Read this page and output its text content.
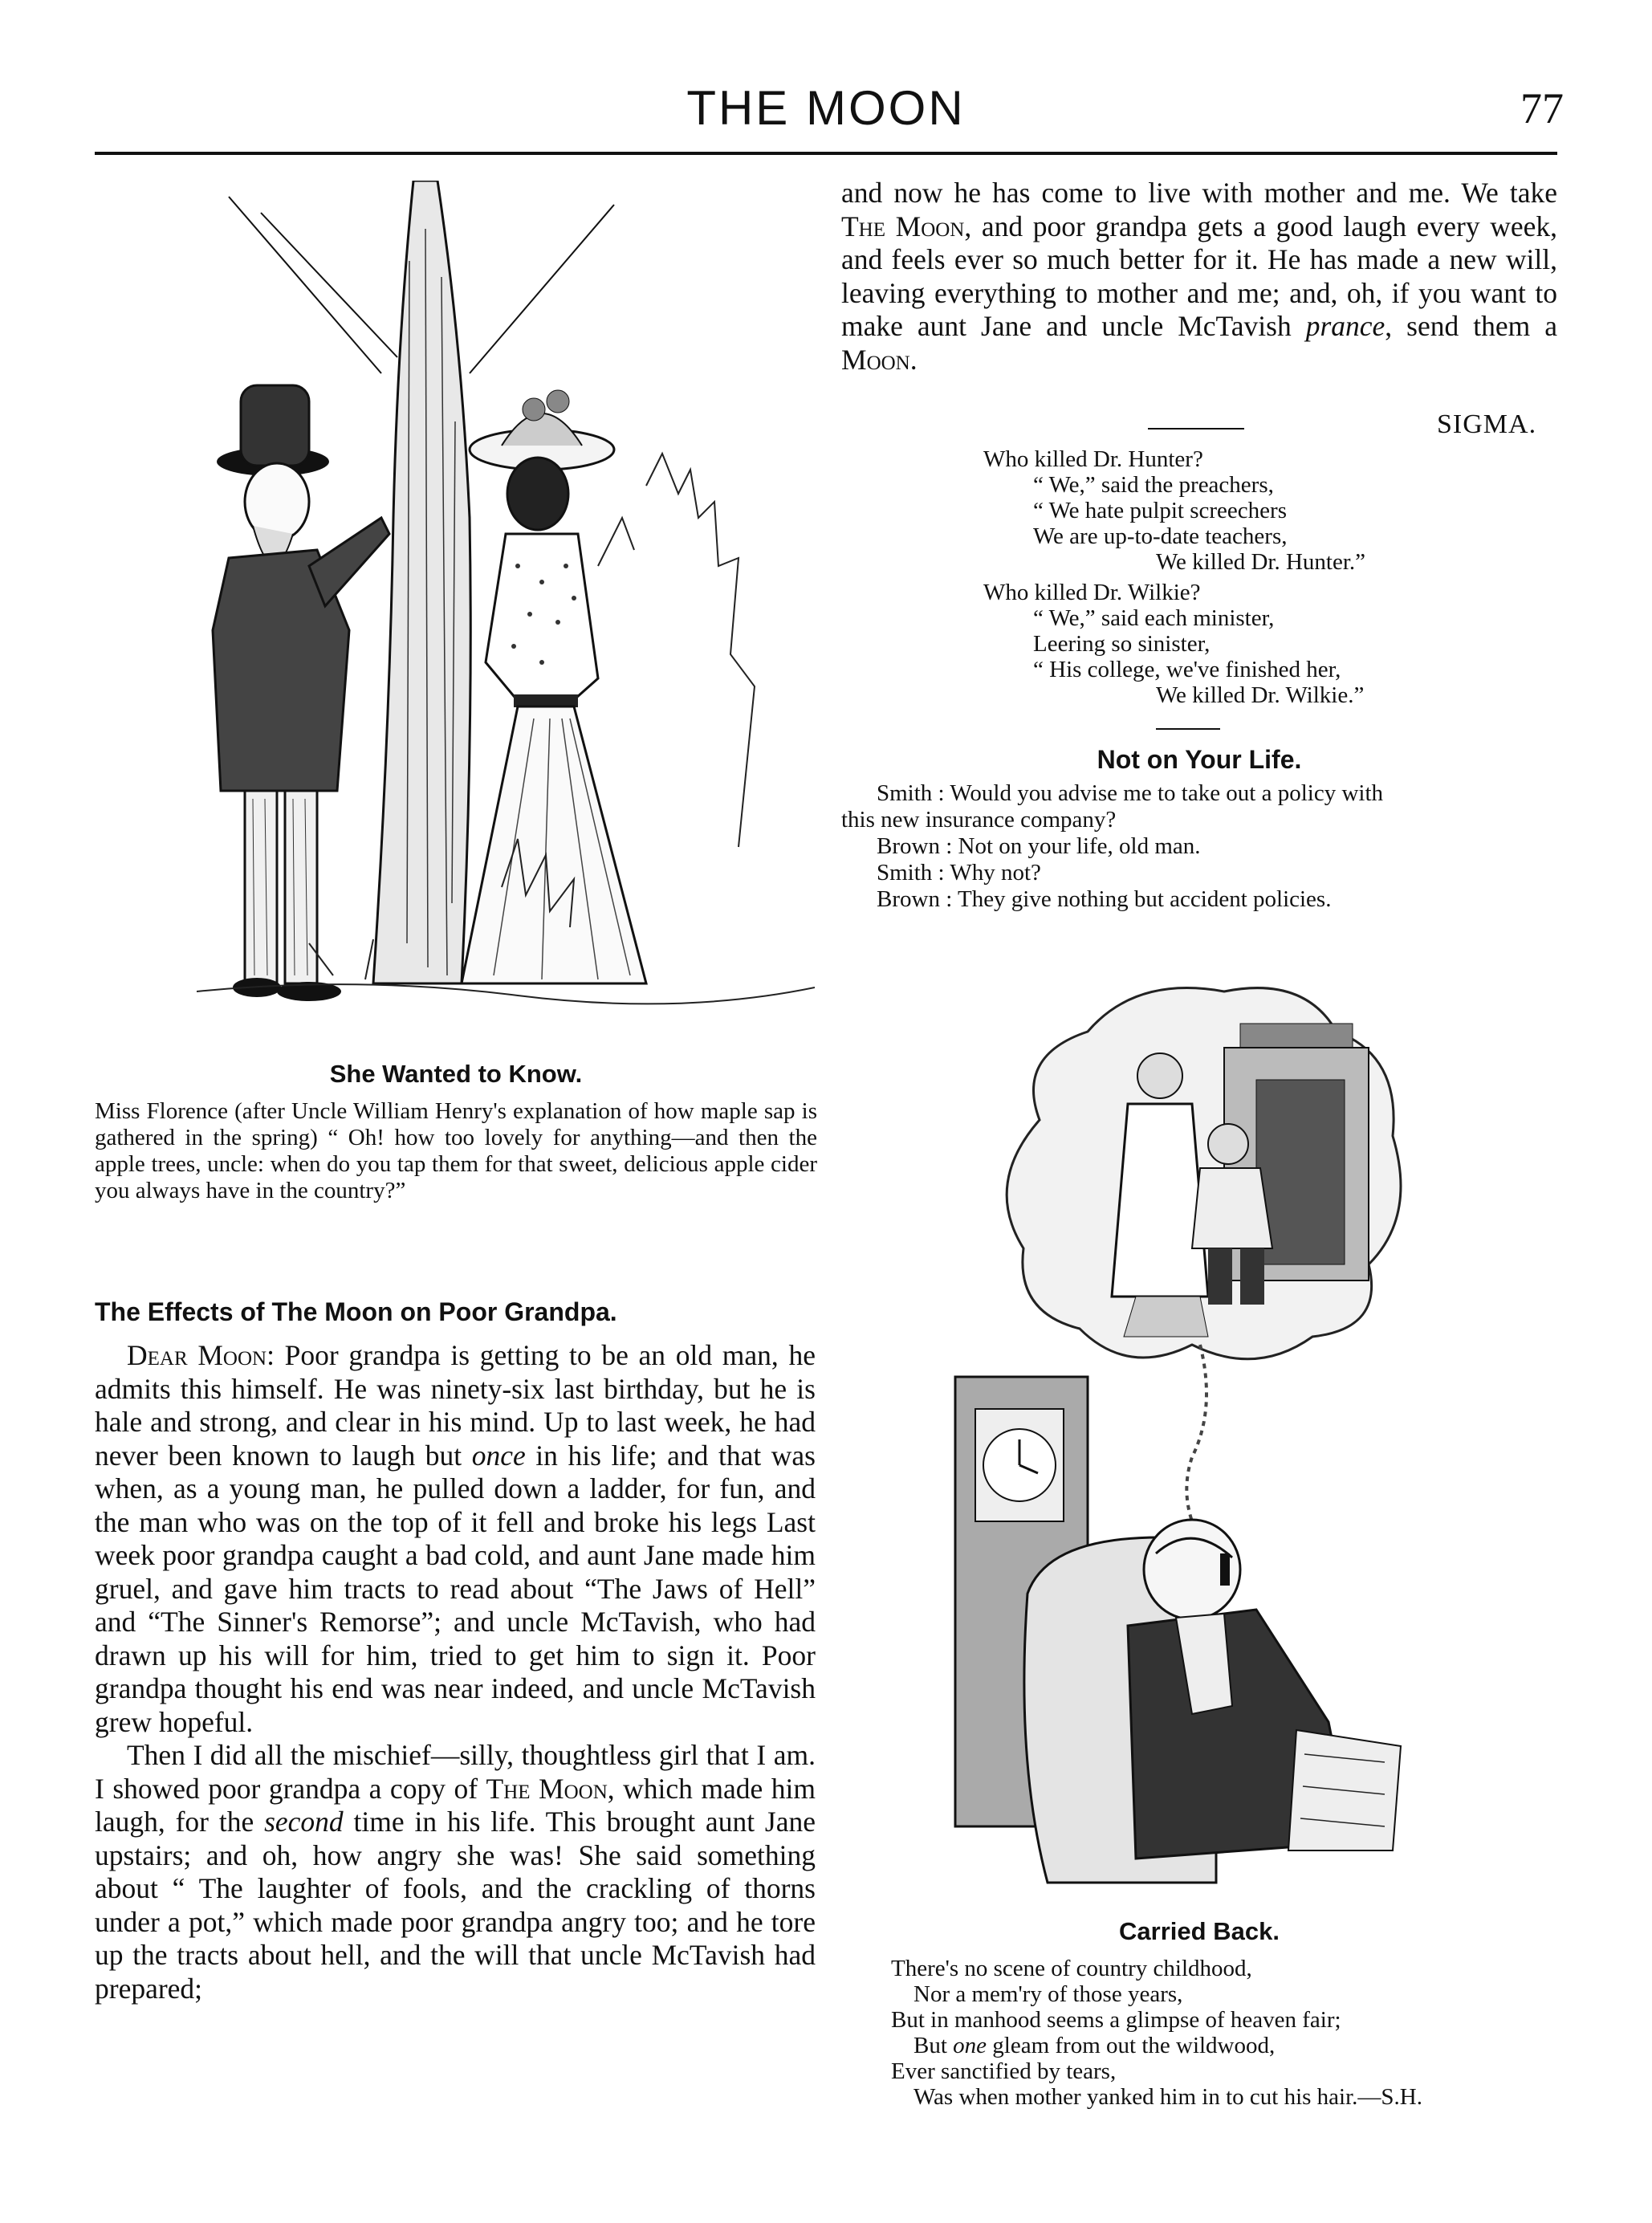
THE MOON	77
She Wanted to Know.
Miss Florence (after Uncle William Henry's explanation of how maple sap is gathered in the spring) “ Oh! how too lovely for anything—and then the apple trees, uncle: when do you tap them for that sweet, delicious apple cider you always have in the country?”
The Effects of The Moon on Poor Grandpa.

Dear Moon: Poor grandpa is getting to be an old man, he admits this himself. He was ninety-six last birthday, but he is hale and strong, and clear in his mind. Up to last week, he had never been known to laugh but once in his life; and that was when, as a young man, he pulled down a ladder, for fun, and the man who was on the top of it fell and broke his legs Last week poor grandpa caught a bad cold, and aunt Jane made him gruel, and gave him tracts to read about “The Jaws of Hell” and “The Sinner's Remorse”; and uncle McTavish, who had drawn up his will for him, tried to get him to sign it. Poor grandpa thought his end was near indeed, and uncle McTavish grew hopeful.

Then I did all the mischief—silly, thoughtless girl that I am. I showed poor grandpa a copy of The Moon, which made him laugh, for the second time in his life. This brought aunt Jane upstairs; and oh, how angry she was! She said something about “ The laughter of fools, and the crackling of thorns under a pot,” which made poor grandpa angry too; and he tore up the tracts about hell, and the will that uncle McTavish had prepared;

and now he has come to live with mother and me. We take The Moon, and poor grandpa gets a good laugh every week, and feels ever so much better for it. He has made a new will, leaving everything to mother and me; and, oh, if you want to make aunt Jane and uncle McTavish prance, send them a Moon.

SIGMA.
Who killed Dr. Hunter?
“ We,” said the preachers,
“ We hate pulpit screechers
We are up-to-date teachers,
We killed Dr. Hunter.”
Who killed Dr. Wilkie?
“ We,” said each minister,
Leering so sinister,
“ His college, we've finished her,
We killed Dr. Wilkie.”
Not on Your Life.
Smith : Would you advise me to take out a policy with
this new insurance company?
Brown : Not on your life, old man.
Smith : Why not?
Brown : They give nothing but accident policies.
Carried Back.
There's no scene of country childhood,
Nor a mem'ry of those years,
But in manhood seems a glimpse of heaven fair;
But one gleam from out the wildwood,
Ever sanctified by tears,
Was when mother yanked him in to cut his hair.—S.H.
